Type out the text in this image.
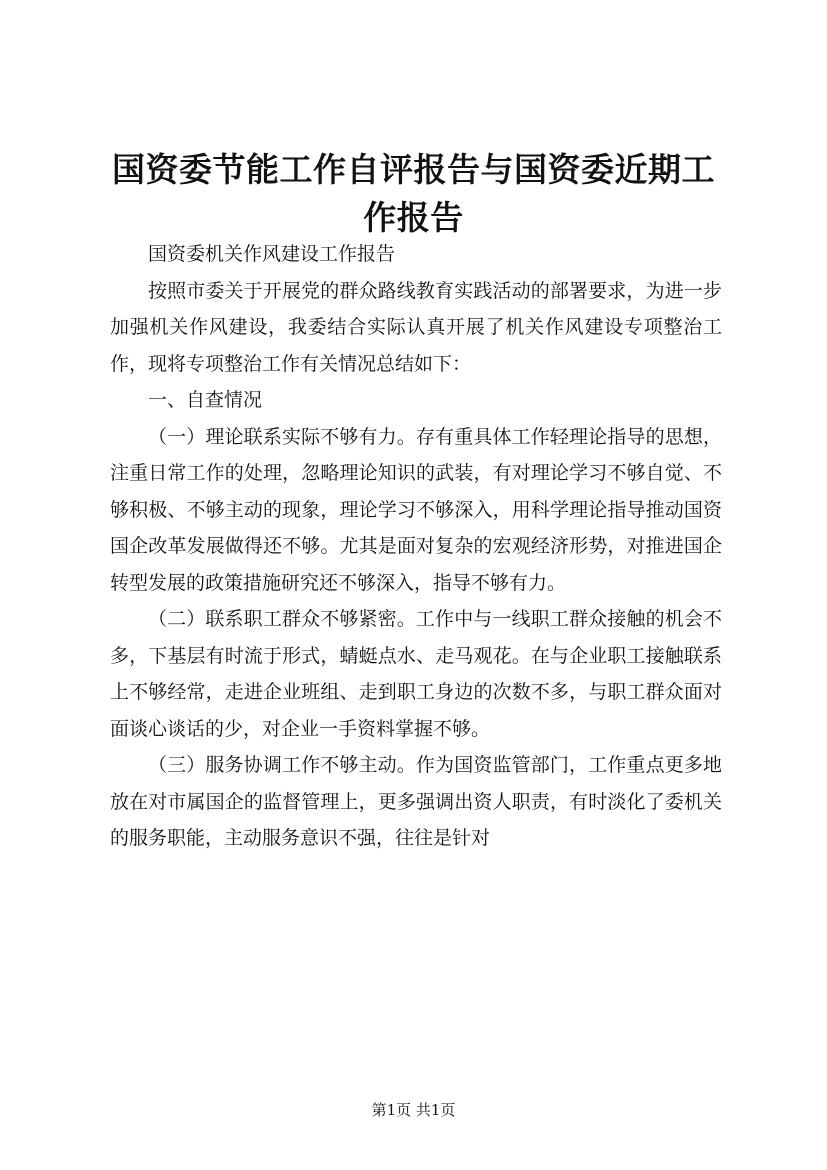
国资委节能工作自评报告与国资委近期工作报告

国资委机关作风建设工作报告

按照市委关于开展党的群众路线教育实践活动的部署要求，为进一步加强机关作风建设，我委结合实际认真开展了机关作风建设专项整治工作，现将专项整治工作有关情况总结如下：

一、自查情况

（一）理论联系实际不够有力。存有重具体工作轻理论指导的思想，注重日常工作的处理，忽略理论知识的武装，有对理论学习不够自觉、不够积极、不够主动的现象，理论学习不够深入，用科学理论指导推动国资国企改革发展做得还不够。尤其是面对复杂的宏观经济形势，对推进国企转型发展的政策措施研究还不够深入，指导不够有力。

（二）联系职工群众不够紧密。工作中与一线职工群众接触的机会不多，下基层有时流于形式，蜻蜓点水、走马观花。在与企业职工接触联系上不够经常，走进企业班组、走到职工身边的次数不多，与职工群众面对面谈心谈话的少，对企业一手资料掌握不够。

（三）服务协调工作不够主动。作为国资监管部门，工作重点更多地放在对市属国企的监督管理上，更多强调出资人职责，有时淡化了委机关的服务职能，主动服务意识不强，往往是针对

第1页 共1页
